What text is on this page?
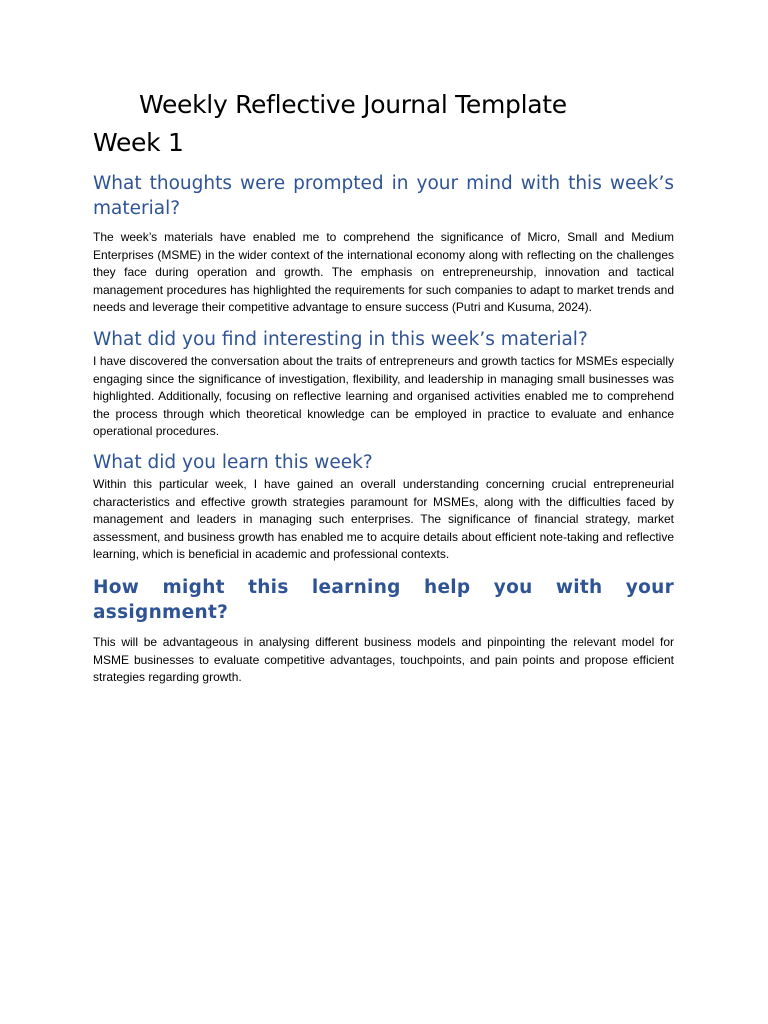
Weekly Reflective Journal Template
Week 1
What thoughts were prompted in your mind with this week’s material?

The week’s materials have enabled me to comprehend the significance of Micro, Small and Medium Enterprises (MSME) in the wider context of the international economy along with reflecting on the challenges they face during operation and growth. The emphasis on entrepreneurship, innovation and tactical management procedures has highlighted the requirements for such companies to adapt to market trends and needs and leverage their competitive advantage to ensure success (Putri and Kusuma, 2024).

What did you find interesting in this week’s material?

I have discovered the conversation about the traits of entrepreneurs and growth tactics for MSMEs especially engaging since the significance of investigation, flexibility, and leadership in managing small businesses was highlighted. Additionally, focusing on reflective learning and organised activities enabled me to comprehend the process through which theoretical knowledge can be employed in practice to evaluate and enhance operational procedures.

What did you learn this week?

Within this particular week, I have gained an overall understanding concerning crucial entrepreneurial characteristics and effective growth strategies paramount for MSMEs, along with the difficulties faced by management and leaders in managing such enterprises. The significance of financial strategy, market assessment, and business growth has enabled me to acquire details about efficient note-taking and reflective learning, which is beneficial in academic and professional contexts.

How might this learning help you with your assignment?

This will be advantageous in analysing different business models and pinpointing the relevant model for MSME businesses to evaluate competitive advantages, touchpoints, and pain points and propose efficient strategies regarding growth.
